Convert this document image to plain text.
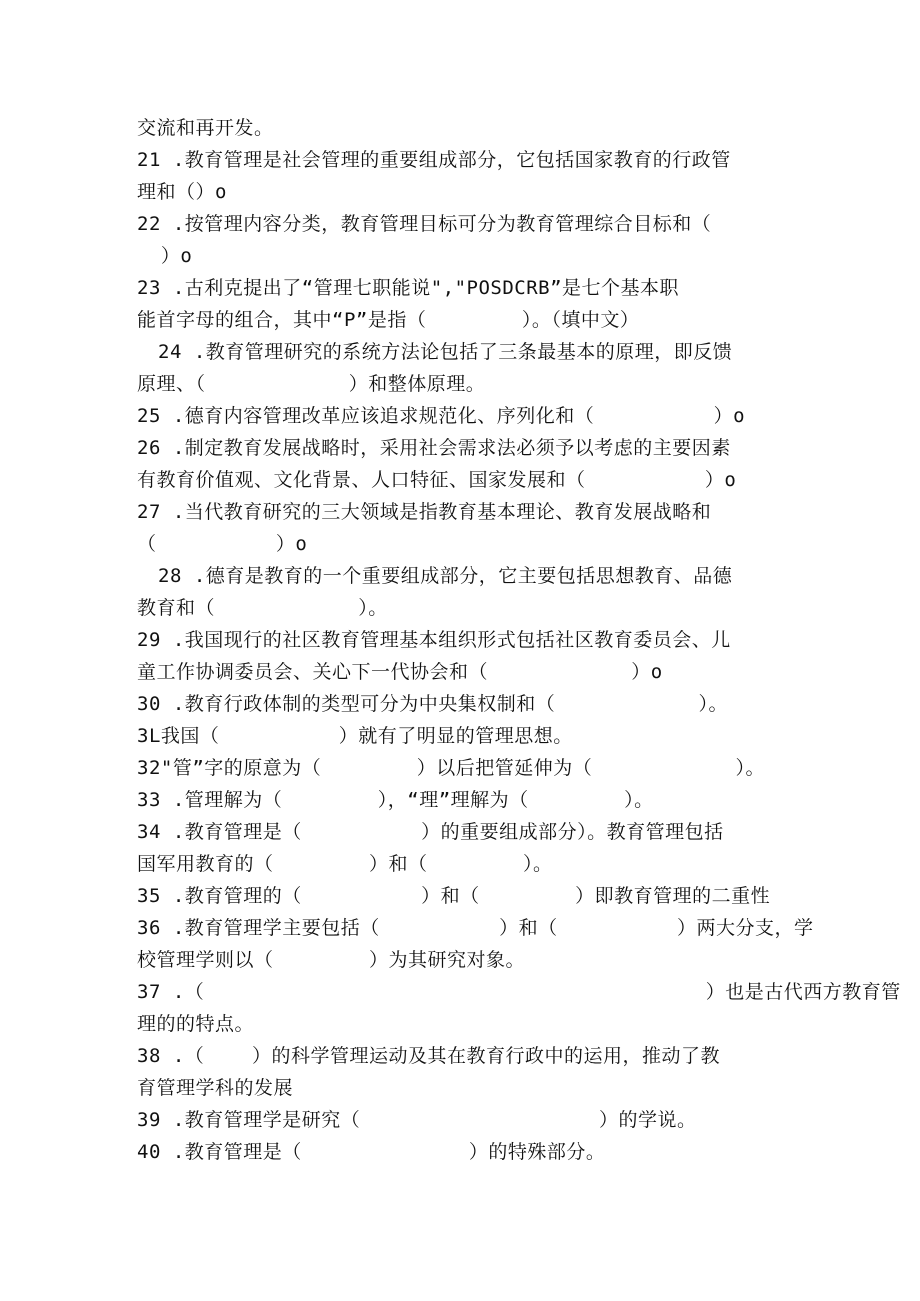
交流和再开发。
21 .教育管理是社会管理的重要组成部分，它包括国家教育的行政管
理和（）o
22 .按管理内容分类，教育管理目标可分为教育管理综合目标和（
）o
23 .古利克提出了“管理七职能说","POSDCRB”是七个基本职
能首字母的组合，其中“P”是指（        ）。（填中文）
24 .教育管理研究的系统方法论包括了三条最基本的原理，即反馈
原理、（            ）和整体原理。
25 .德育内容管理改革应该追求规范化、序列化和（          ）o
26 .制定教育发展战略时，采用社会需求法必须予以考虑的主要因素
有教育价值观、文化背景、人口特征、国家发展和（          ）o
27 .当代教育研究的三大领域是指教育基本理论、教育发展战略和
（          ）o
28 .德育是教育的一个重要组成部分，它主要包括思想教育、品德
教育和（            ）。
29 .我国现行的社区教育管理基本组织形式包括社区教育委员会、儿
童工作协调委员会、关心下一代协会和（            ）o
30 .教育行政体制的类型可分为中央集权制和（            ）。
3L我国（          ）就有了明显的管理思想。
32"管”字的原意为（        ）以后把管延伸为（            ）。
33 .管理解为（        ），“理”理解为（        ）。
34 .教育管理是（          ）的重要组成部分）。教育管理包括
国军用教育的（        ）和（        ）。
35 .教育管理的（          ）和（        ）即教育管理的二重性
36 .教育管理学主要包括（          ）和（          ）两大分支，学
校管理学则以（        ）为其研究对象。
37 .（                                          ）也是古代西方教育管
理的的特点。
38 .（    ）的科学管理运动及其在教育行政中的运用，推动了教
育管理学科的发展
39 .教育管理学是研究（                    ）的学说。
40 .教育管理是（              ）的特殊部分。
